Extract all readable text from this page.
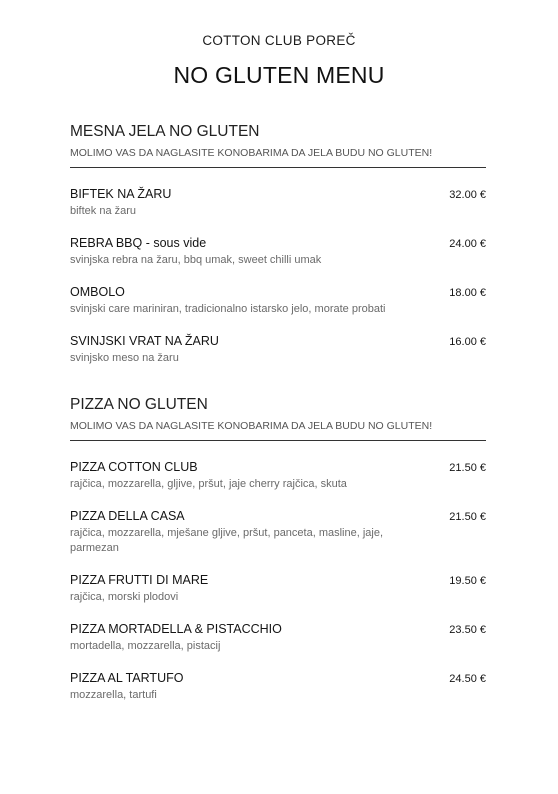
COTTON CLUB POREČ
NO GLUTEN MENU
MESNA JELA NO GLUTEN
MOLIMO VAS DA NAGLASITE KONOBARIMA DA JELA BUDU NO GLUTEN!
BIFTEK NA ŽARU	32.00 €
biftek na žaru
REBRA BBQ - sous vide	24.00 €
svinjska rebra na žaru, bbq umak, sweet chilli umak
OMBOLO	18.00 €
svinjski care mariniran, tradicionalno istarsko jelo, morate probati
SVINJSKI VRAT NA ŽARU	16.00 €
svinjsko meso na žaru
PIZZA NO GLUTEN
MOLIMO VAS DA NAGLASITE KONOBARIMA DA JELA BUDU NO GLUTEN!
PIZZA COTTON CLUB	21.50 €
rajčica, mozzarella, gljive, pršut, jaje cherry rajčica, skuta
PIZZA DELLA CASA	21.50 €
rajčica, mozzarella, mješane gljive, pršut, panceta, masline, jaje, parmezan
PIZZA FRUTTI DI MARE	19.50 €
rajčica, morski plodovi
PIZZA MORTADELLA & PISTACCHIO	23.50 €
mortadella, mozzarella, pistacij
PIZZA AL TARTUFO	24.50 €
mozzarella, tartufi
